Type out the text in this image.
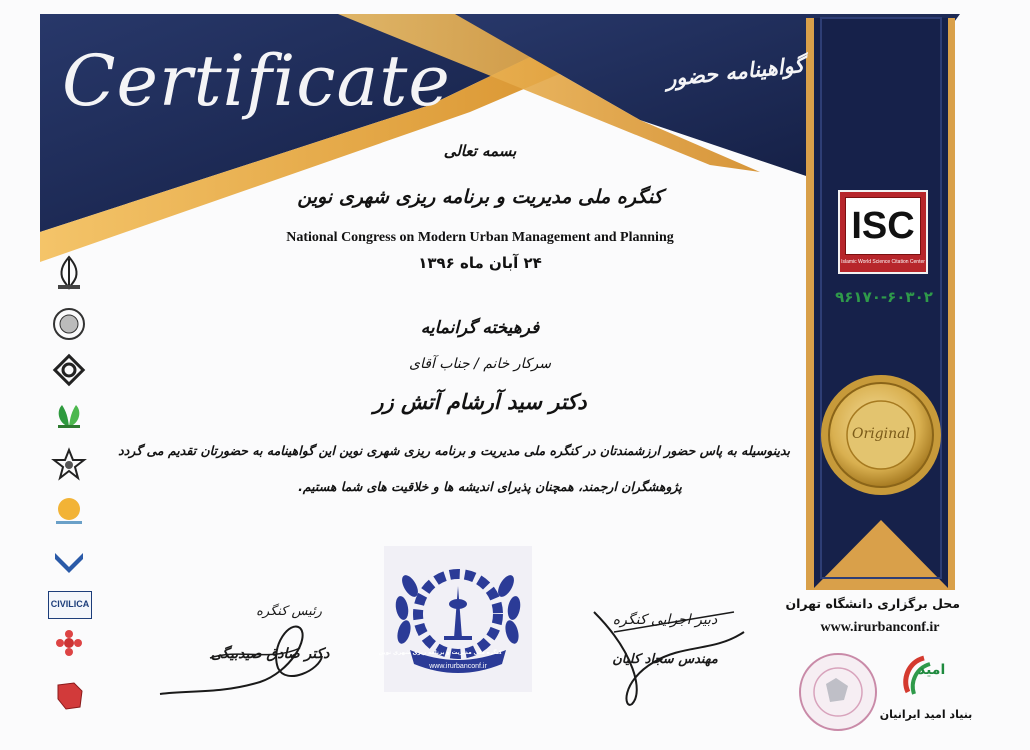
Certificate	گواهینامه حضور
بسمه تعالی
کنگره ملی مدیریت و برنامه ریزی شهری نوین
National Congress on Modern Urban Management and Planning
۲۴ آبان ماه ۱۳۹۶
فرهیخته گرانمایه
سرکار خانم / جناب آقای
دکتر سید آرشام آتش زر
بدینوسیله به پاس حضور ارزشمندتان در کنگره ملی مدیریت و برنامه ریزی شهری نوین این گواهینامه به حضورتان تقدیم می گردد
پژوهشگران ارجمند، همچنان پذیرای اندیشه ها و خلاقیت های شما هستیم.
CIVILICA
ISC
Islamic World Science Citation Center
۹۶۱۷۰-۶۰۳۰۲
Original
محل برگزاری دانشگاه تهران
www.irurbanconf.ir
امید
بنیاد امید ایرانیان
کنگره ملی مدیریت و برنامه ریزی شهری نوین
www.irurbanconf.ir
رئیس کنگره
دکتر صادق صیدبیگی
دبیر اجرایی کنگره
مهندس سجاد کلیان
